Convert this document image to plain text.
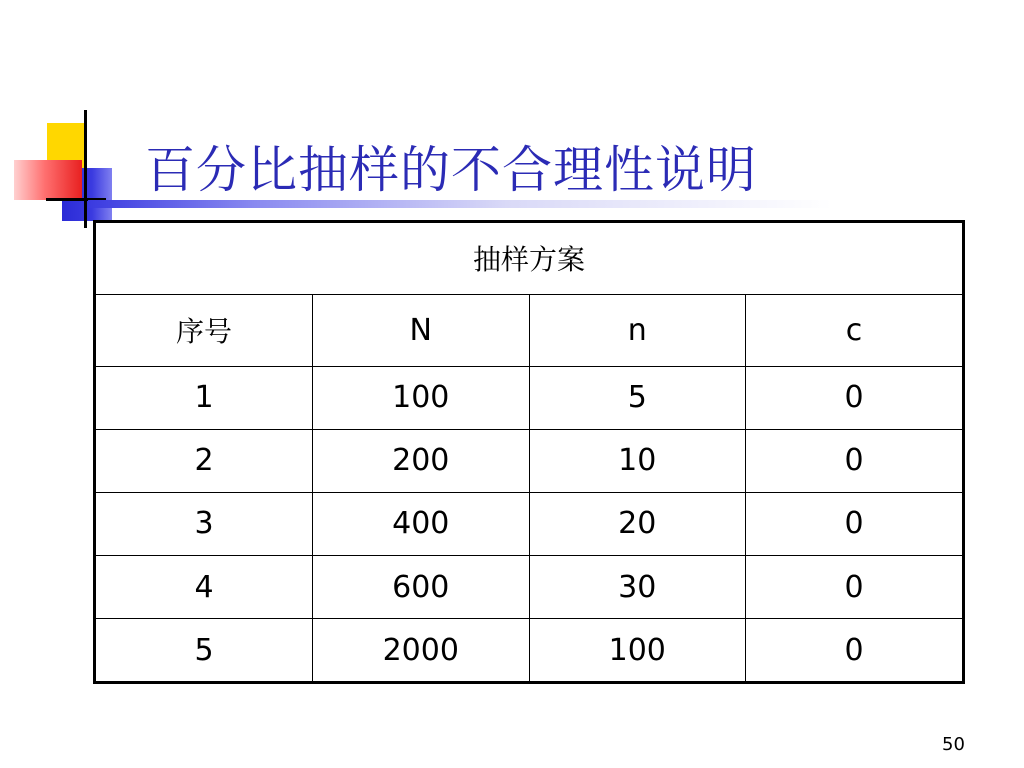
百分比抽样的不合理性说明
抽样方案			
序号	N	n	c
1	100	5	0
2	200	10	0
3	400	20	0
4	600	30	0
5	2000	100	0
50
